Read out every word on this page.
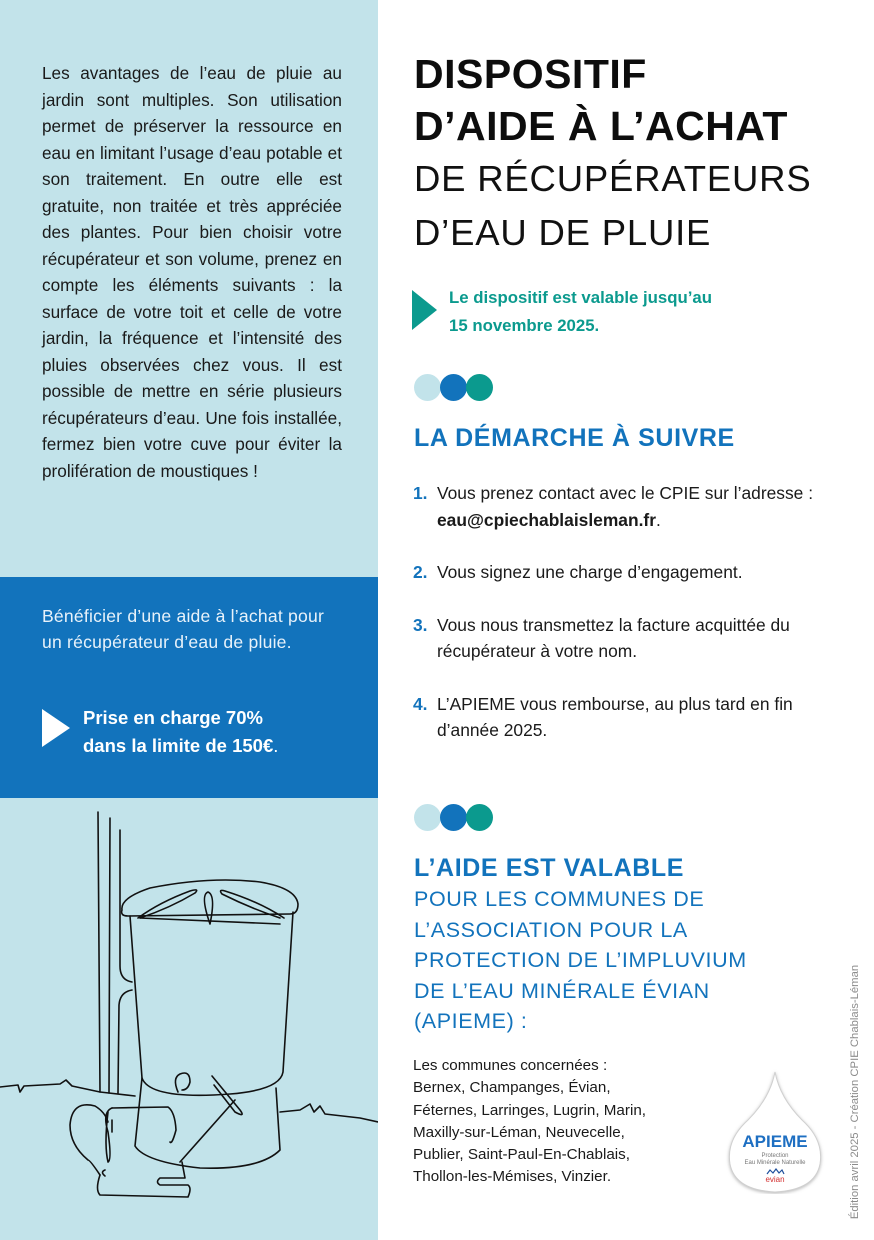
Les avantages de l’eau de pluie au jardin sont multiples. Son utilisation permet de préserver la ressource en eau en limitant l’usage d’eau potable et son traitement. En outre elle est gratuite, non traitée et très appréciée des plantes. Pour bien choisir votre récupérateur et son volume, prenez en compte les éléments suivants : la surface de votre toit et celle de votre jardin, la fréquence et l’intensité des pluies observées chez vous. Il est possible de mettre en série plusieurs récupérateurs d’eau. Une fois installée, fermez bien votre cuve pour éviter la prolifération de moustiques !

Bénéficier d’une aide à l’achat pour un récupérateur d’eau de pluie.

Prise en charge 70%
dans la limite de 150€.

DISPOSITIF
D’AIDE À L’ACHAT
DE RÉCUPÉRATEURS
D’EAU DE PLUIE

Le dispositif est valable jusqu’au
15 novembre 2025.

LA DÉMARCHE À SUIVRE
1. Vous prenez contact avec le CPIE sur l’adresse : eau@cpiechablaisleman.fr.
2. Vous signez une charge d’engagement.
3. Vous nous transmettez la facture acquittée du récupérateur à votre nom.
4. L’APIEME vous rembourse, au plus tard en fin d’année 2025.
L’AIDE EST VALABLE
POUR LES COMMUNES DE
L’ASSOCIATION POUR LA
PROTECTION DE L’IMPLUVIUM
DE L’EAU MINÉRALE ÉVIAN
(APIEME) :
Les communes concernées :
Bernex, Champanges, Évian,
Féternes, Larringes, Lugrin, Marin,
Maxilly-sur-Léman, Neuvecelle,
Publier, Saint-Paul-En-Chablais,
Thollon-les-Mémises, Vinzier.
APIEME
Protection
Eau Minérale Naturelle
evian	Édition avril 2025 - Création CPIE Chablais-Léman
